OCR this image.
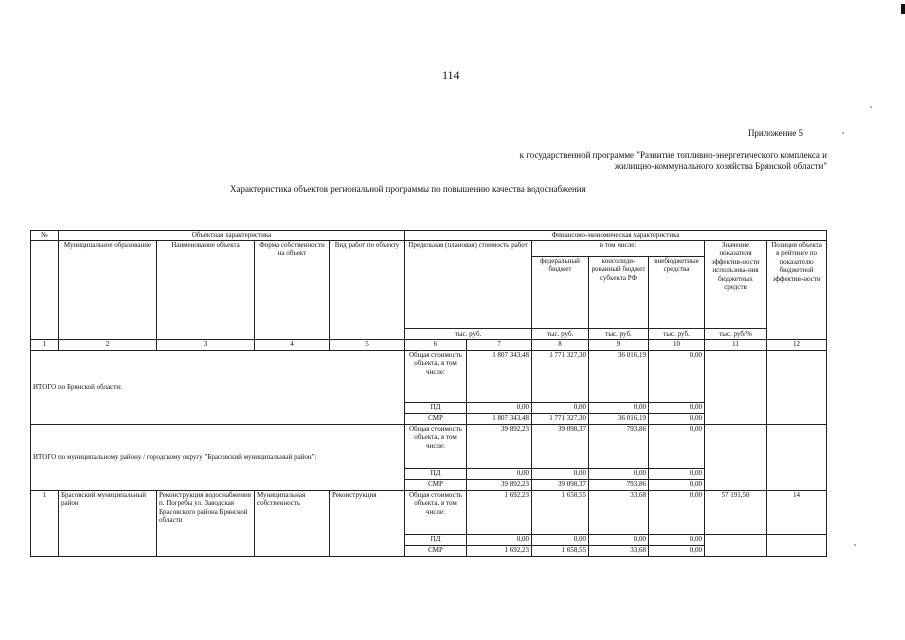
114
Приложение 5
к государственной программе "Развитие топливно-энергетического комплекса и
жилищно-коммунального хозяйства Брянской области"
Характеристика объектов региональной программы по повышению качества водоснабжения
№	Объектная характеристика				Финансово-экономическая характеристика						
	Муниципальное образование	Наименование объекта	Форма собственности на объект	Вид работ по объекту	Предельная (плановая) стоимость работ		в том числе:			Значение показателя эффектив-ности использова-ния бюджетных средств	Позиция объекта в рейтинге по показателю бюджетной эффектив-ности
							федеральный бюджет	консолиди-рованный бюджет субъекта РФ	внебюджетные средства		
					тыс. руб.		тыс. руб.	тыс. руб.	тыс. руб.	тыс. руб/%	
1	2	3	4	5	6	7	8	9	10	11	12
ИТОГО по Брянской области:					Общая стоимость объекта, в том числе:	1 807 343,48	1 771 327,30	36 016,19	0,00		
					ПД	0,00	0,00	0,00	0,00		
					СМР	1 807 343,48	1 771 327,30	36 016,19	0,00		
ИТОГО по муниципальному району / городскому округу "Брасовский муниципальный район":					Общая стоимость объекта, в том числе:	39 892,23	39 098,37	793,86	0,00		
					ПД	0,00	0,00	0,00	0,00		
					СМР	39 892,23	39 098,37	793,86	0,00		
1	Брасовский муниципальный район	Реконструкция водоснабжения п. Погребы ул. Заводская Брасовского района Брянской области	Муниципальная собственность	Реконструкция	Общая стоимость объекта, в том числе:	1 692,23	1 658,55	33,68	0,00	57 191,50	14
					ПД	0,00	0,00	0,00	0,00		
					СМР	1 692,23	1 658,55	33,68	0,00		
